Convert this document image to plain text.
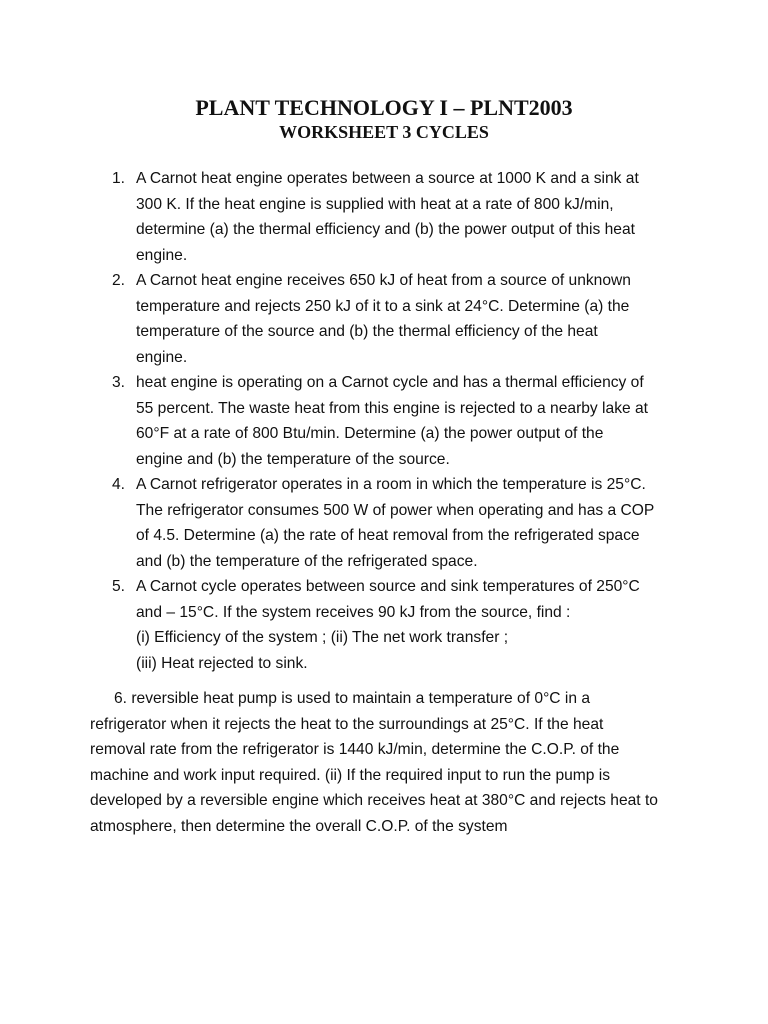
PLANT TECHNOLOGY I – PLNT2003
WORKSHEET 3 CYCLES
1. A Carnot heat engine operates between a source at 1000 K and a sink at
300 K. If the heat engine is supplied with heat at a rate of 800 kJ/min,
determine (a) the thermal efficiency and (b) the power output of this heat
engine.
2. A Carnot heat engine receives 650 kJ of heat from a source of unknown
temperature and rejects 250 kJ of it to a sink at 24°C. Determine (a) the
temperature of the source and (b) the thermal efficiency of the heat
engine.
3. heat engine is operating on a Carnot cycle and has a thermal efficiency of
55 percent. The waste heat from this engine is rejected to a nearby lake at
60°F at a rate of 800 Btu/min. Determine (a) the power output of the
engine and (b) the temperature of the source.
4. A Carnot refrigerator operates in a room in which the temperature is 25°C.
The refrigerator consumes 500 W of power when operating and has a COP
of 4.5. Determine (a) the rate of heat removal from the refrigerated space
and (b) the temperature of the refrigerated space.
5. A Carnot cycle operates between source and sink temperatures of 250°C
and – 15°C. If the system receives 90 kJ from the source, find :
(i) Efficiency of the system ; (ii) The net work transfer ;
(iii) Heat rejected to sink.
6. reversible heat pump is used to maintain a temperature of 0°C in a
refrigerator when it rejects the heat to the surroundings at 25°C. If the heat
removal rate from the refrigerator is 1440 kJ/min, determine the C.O.P. of the
machine and work input required. (ii) If the required input to run the pump is
developed by a reversible engine which receives heat at 380°C and rejects heat to
atmosphere, then determine the overall C.O.P. of the system
